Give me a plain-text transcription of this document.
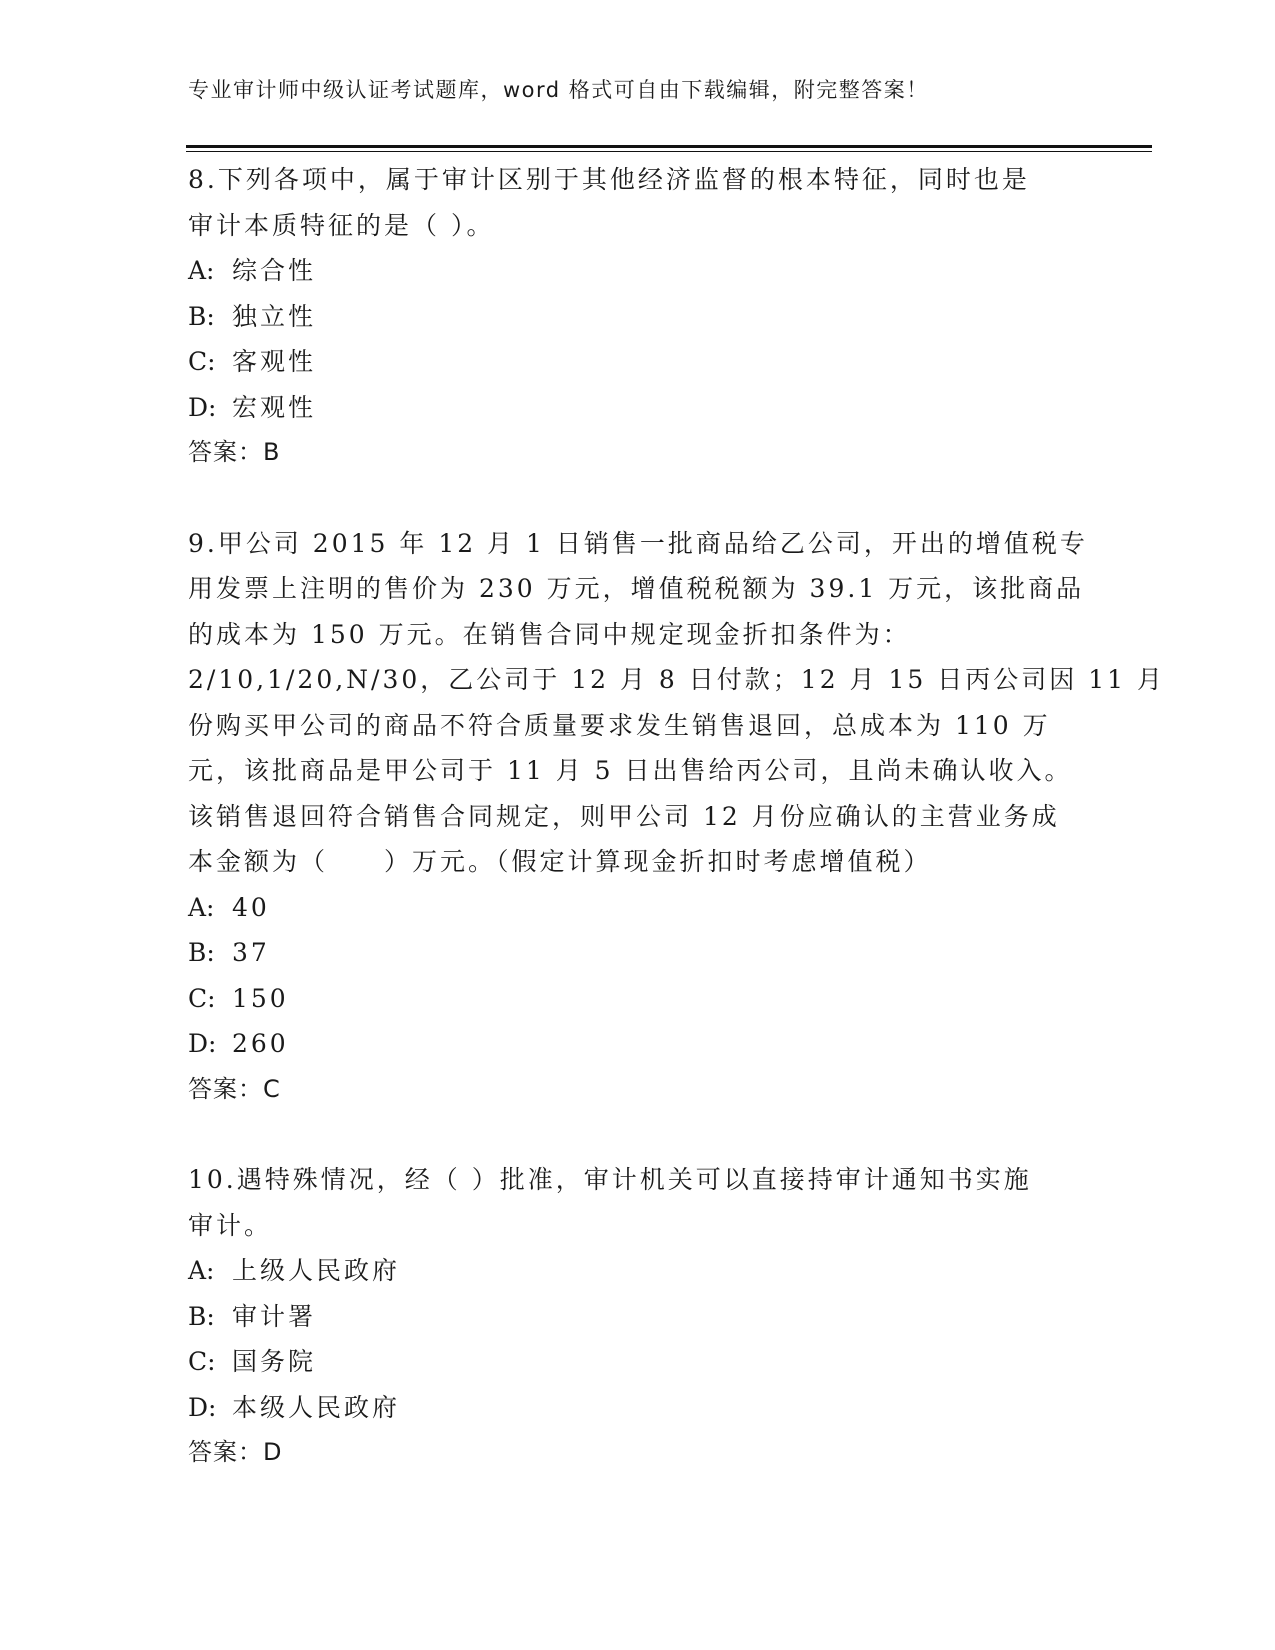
专业审计师中级认证考试题库，word 格式可自由下载编辑，附完整答案！
8.下列各项中，属于审计区别于其他经济监督的根本特征，同时也是
审计本质特征的是（ ）。
A: 综合性
B: 独立性
C: 客观性
D: 宏观性
答案：B
9.甲公司 2015 年 12 月 1 日销售一批商品给乙公司，开出的增值税专
用发票上注明的售价为 230 万元，增值税税额为 39.1 万元，该批商品
的成本为 150 万元。在销售合同中规定现金折扣条件为：
2/10,1/20,N/30，乙公司于 12 月 8 日付款；12 月 15 日丙公司因 11 月
份购买甲公司的商品不符合质量要求发生销售退回，总成本为 110 万
元，该批商品是甲公司于 11 月 5 日出售给丙公司，且尚未确认收入。
该销售退回符合销售合同规定，则甲公司 12 月份应确认的主营业务成
本金额为（　　）万元。（假定计算现金折扣时考虑增值税）
A: 40
B: 37
C: 150
D: 260
答案：C
10.遇特殊情况，经（ ）批准，审计机关可以直接持审计通知书实施
审计。
A: 上级人民政府
B: 审计署
C: 国务院
D: 本级人民政府
答案：D
